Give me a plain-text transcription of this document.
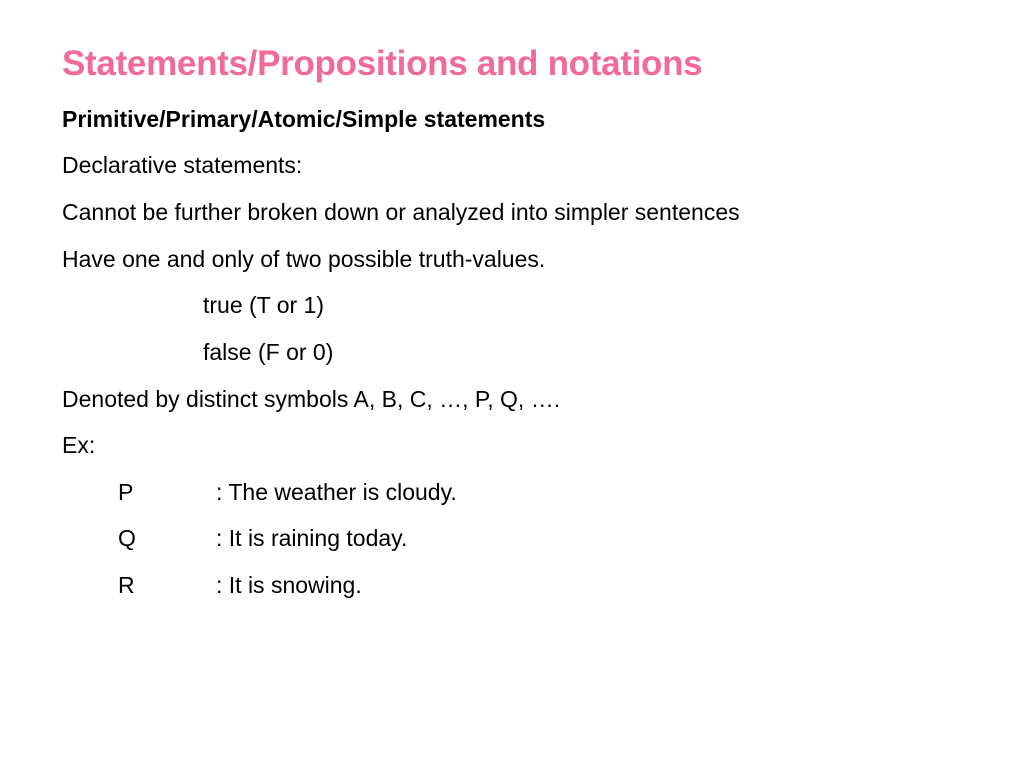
Statements/Propositions and notations
Primitive/Primary/Atomic/Simple statements
Declarative statements:
Cannot be further broken down or analyzed into simpler sentences
Have one and only of two possible truth-values.
true (T or 1)
false (F or 0)
Denoted by distinct symbols A, B, C, …, P, Q, ….
Ex:
P	: The weather is cloudy.
Q	: It is raining today.
R	: It is snowing.
